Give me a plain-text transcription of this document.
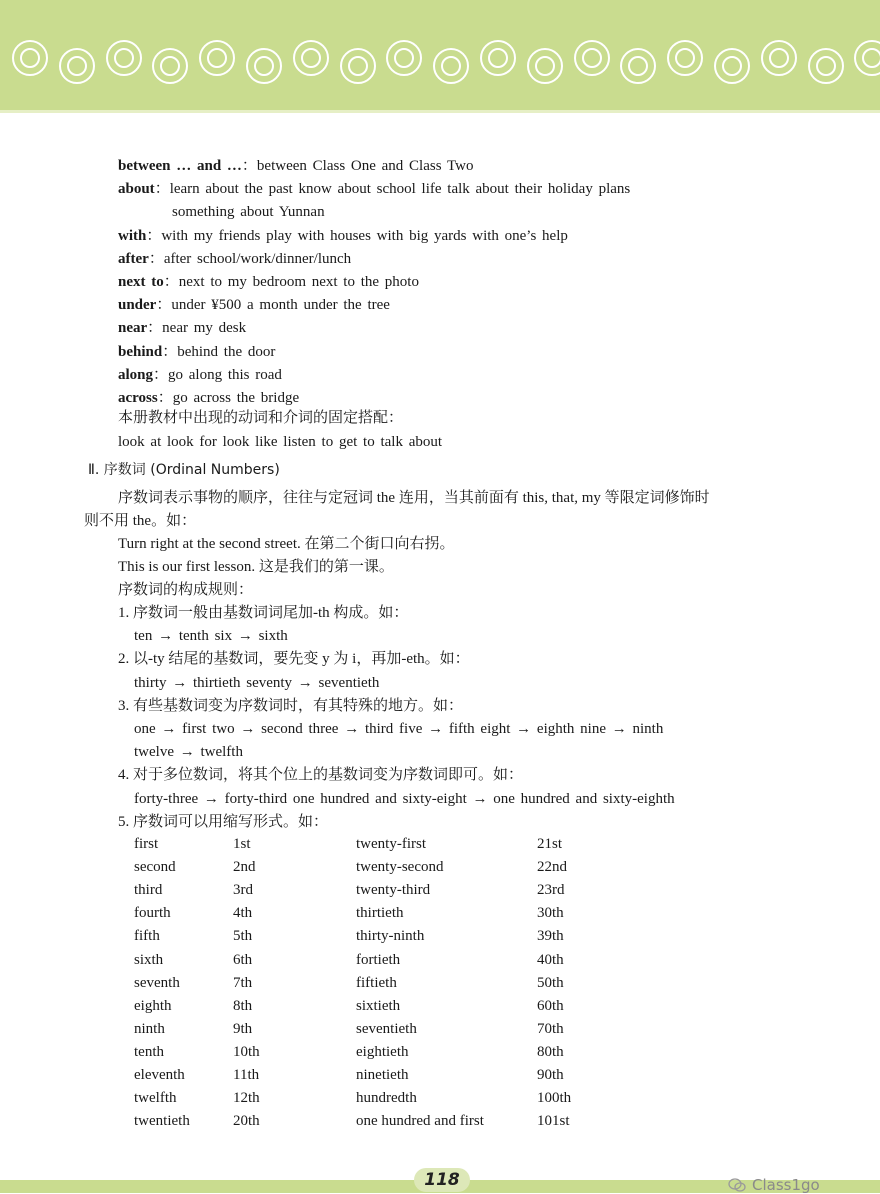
between … and …：between Class One and Class Two
about：learn about the past know about school life talk about their holiday plans
something about Yunnan
with：with my friends play with houses with big yards with one’s help
after：after school/work/dinner/lunch
next to：next to my bedroom next to the photo
under：under ¥500 a month under the tree
near：near my desk
behind：behind the door
along：go along this road
across：go across the bridge
本册教材中出现的动词和介词的固定搭配：
look at look for look like listen to get to talk about
Ⅱ. 序数词 (Ordinal Numbers)
序数词表示事物的顺序，往往与定冠词 the 连用，当其前面有 this, that, my 等限定词修饰时
则不用 the。如：
Turn right at the second street. 在第二个街口向右拐。
This is our first lesson. 这是我们的第一课。
序数词的构成规则：
1. 序数词一般由基数词词尾加-th 构成。如：
ten → tenth six → sixth
2. 以-ty 结尾的基数词，要先变 y 为 i，再加-eth。如：
thirty → thirtieth seventy → seventieth
3. 有些基数词变为序数词时，有其特殊的地方。如：
one → first two → second three → third five → fifth eight → eighth nine → ninth
twelve → twelfth
4. 对于多位数词，将其个位上的基数词变为序数词即可。如：
forty-three → forty-third one hundred and sixty-eight → one hundred and sixty-eighth
5. 序数词可以用缩写形式。如：
first	1st	twenty-first	21st
second	2nd	twenty-second	22nd
third	3rd	twenty-third	23rd
fourth	4th	thirtieth	30th
fifth	5th	thirty-ninth	39th
sixth	6th	fortieth	40th
seventh	7th	fiftieth	50th
eighth	8th	sixtieth	60th
ninth	9th	seventieth	70th
tenth	10th	eightieth	80th
eleventh	11th	ninetieth	90th
twelfth	12th	hundredth	100th
twentieth	20th	one hundred and first	101st
118	Class1go
